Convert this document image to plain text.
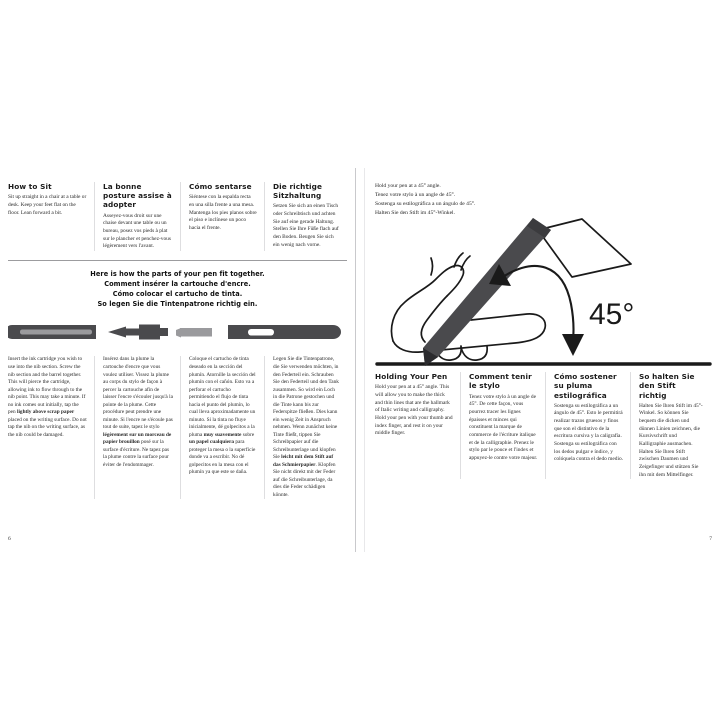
How to Sit
Sit up straight in a chair at a table or desk. Keep your feet flat on the floor. Lean forward a bit.
La bonne posture assise à adopter
Asseyez-vous droit sur une chaise devant une table ou un bureau, posez vos pieds à plat sur le plancher et penchez-vous légèrement vers l'avant.
Cómo sentarse
Siéntese con la espalda recta en una silla frente a una mesa. Mantenga los pies planos sobre el piso e inclínese un poco hacia el frente.
Die richtige Sitzhaltung
Setzen Sie sich an einen Tisch oder Schreibtisch und achten Sie auf eine gerade Haltung. Stellen Sie Ihre Füße flach auf den Boden. Beugen Sie sich ein wenig nach vorne.
Here is how the parts of your pen fit together.
Comment insérer la cartouche d'encre.
Cómo colocar el cartucho de tinta.
So legen Sie die Tintenpatrone richtig ein.
Insert the ink cartridge you wish to use into the nib section. Screw the nib section and the barrel together. This will pierce the cartridge, allowing ink to flow through to the nib point. This may take a minute. If no ink comes out initially, tap the pen lightly above scrap paper placed on the writing surface. Do not tap the nib on the writing surface, as the nib could be damaged.
Insérez dans la plume la cartouche d'encre que vous voulez utiliser. Vissez la plume au corps du stylo de façon à percer la cartouche afin de laisser l'encre s'écouler jusqu'à la pointe de la plume. Cette procédure peut prendre une minute. Si l'encre ne s'écoule pas tout de suite, tapez le stylo légèrement sur un morceau de papier brouillon posé sur la surface d'écriture. Ne tapez pas la plume contre la surface pour éviter de l'endommager.
Coloque el cartucho de tinta deseado en la sección del plumín. Atornille la sección del plumín con el cañón. Esto va a perforar el cartucho permitiendo el flujo de tinta hacia el punto del plumín, lo cual lleva aproximadamente un minuto. Si la tinta no fluye inicialmente, dé golpecitos a la pluma muy suavemente sobre un papel cualquiera para proteger la mesa o la superficie donde va a escribir. No dé golpecitos en la mesa con el plumín ya que este se daña.
Legen Sie die Tintenpatrone, die Sie verwenden möchten, in den Federteil ein. Schrauben Sie den Federteil und den Tank zusammen. So wird ein Loch in die Patrone gestochen und die Tinte kann bis zur Federspitze fließen. Dies kann ein wenig Zeit in Anspruch nehmen. Wenn zunächst keine Tinte fließt, tippen Sie Schreibpapier auf die Schreibunterlage und klopfen Sie leicht mit dem Stift auf das Schmierpapier. Klopfen Sie nicht direkt mit der Feder auf die Schreibunterlage, da dies die Feder schädigen könnte.
6
Hold your pen at a 45° angle.
Tenez votre stylo à un angle de 45°.
Sostenga su estilográfica a un ángulo de 45°.
Halten Sie den Stift im 45°-Winkel.
45°
Holding Your Pen
Hold your pen at a 45° angle. This will allow you to make the thick and thin lines that are the hallmark of Italic writing and calligraphy. Hold your pen with your thumb and index finger, and rest it on your middle finger.
Comment tenir le stylo
Tenez votre stylo à un angle de 45°. De cette façon, vous pourrez tracer les lignes épaisses et minces qui constituent la marque de commerce de l'écriture italique et de la calligraphie. Prenez le stylo par le pouce et l'index et appuyez-le contre votre majeur.
Cómo sostener su pluma estilográfica
Sostenga su estilográfica a un ángulo de 45°. Esto le permitirá realizar trazos gruesos y finos que son el distintivo de la escritura cursiva y la caligrafía. Sostenga su estilográfica con los dedos pulgar e índice, y colóquela contra el dedo medio.
So halten Sie den Stift richtig
Halten Sie Ihren Stift im 45°-Winkel. So können Sie bequem die dicken und dünnen Linien zeichnen, die Kursivschrift und Kalligraphie ausmachen. Halten Sie Ihren Stift zwischen Daumen und Zeigefinger und stützen Sie ihn mit dem Mittelfinger.
7
